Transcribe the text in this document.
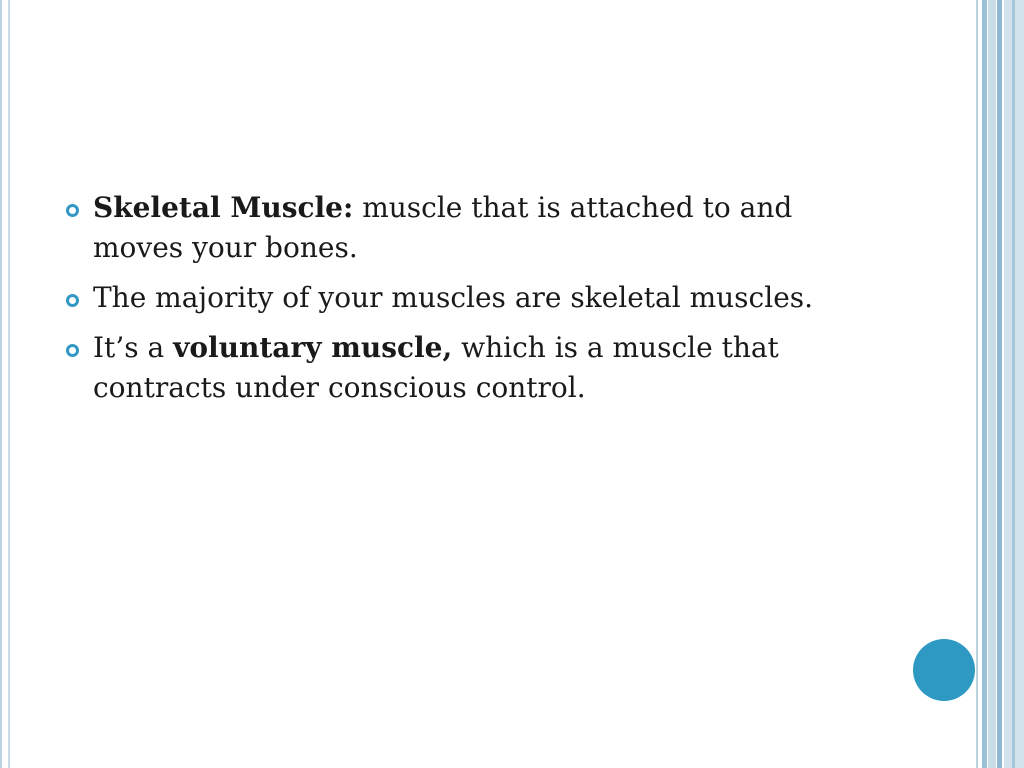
Skeletal Muscle: muscle that is attached to and moves your bones.
The majority of your muscles are skeletal muscles.
It’s a voluntary muscle, which is a muscle that contracts under conscious control.
